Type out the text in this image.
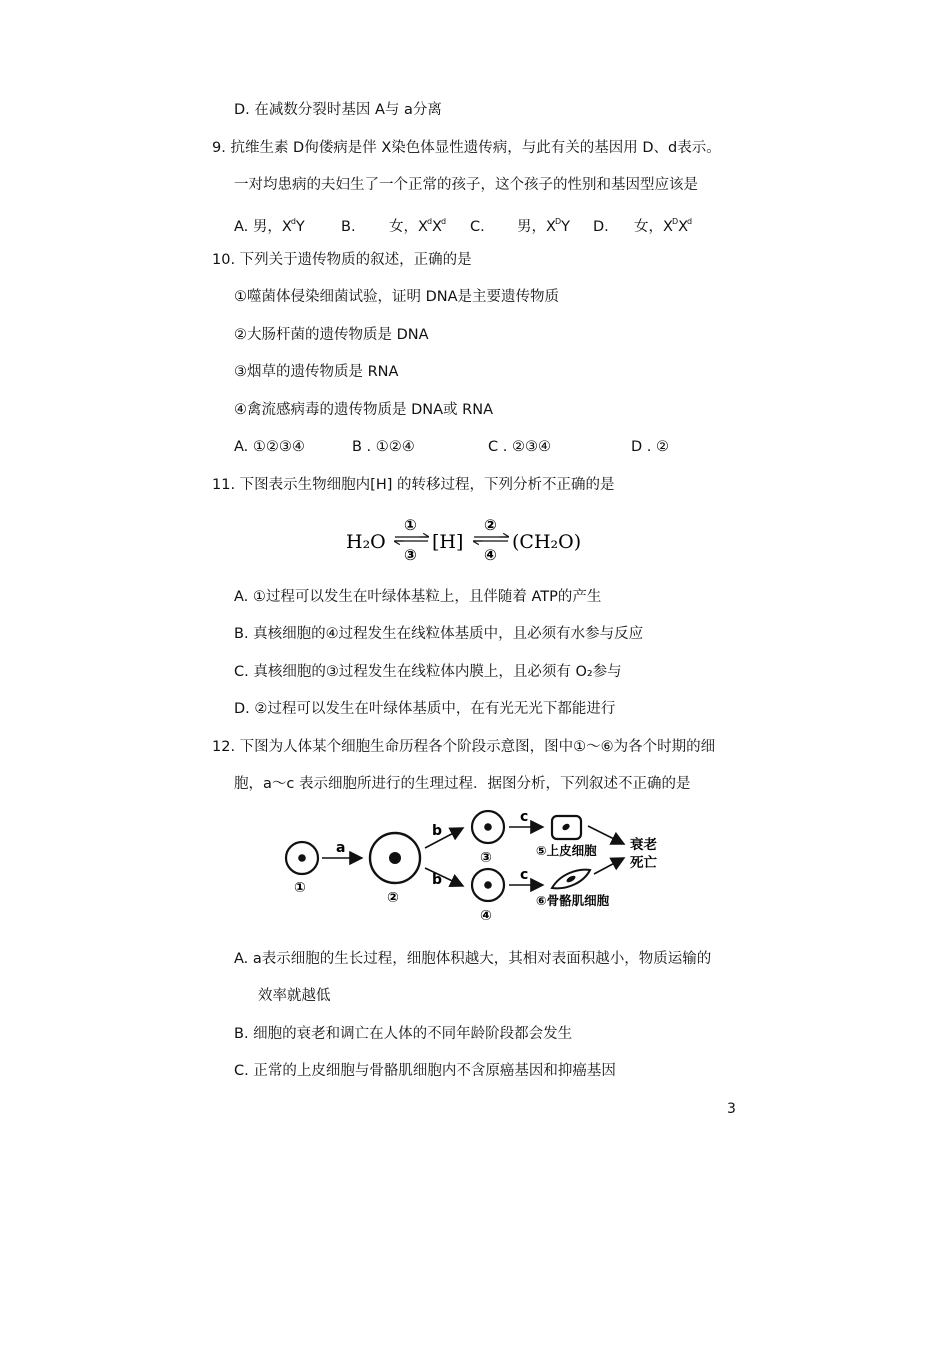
D. 在减数分裂时基因 A与 a分离
9. 抗维生素 D佝偻病是伴 X染色体显性遗传病，与此有关的基因用 D、d表示。
一对均患病的夫妇生了一个正常的孩子，这个孩子的性别和基因型应该是
A. 男，$X^dY$ B. 女，$X^dX^d$ C. 男，$X^DY$ D. 女，$X^DX^d$
10. 下列关于遗传物质的叙述，正确的是
①噬菌体侵染细菌试验，证明 DNA是主要遗传物质
②大肠杆菌的遗传物质是 DNA
③烟草的遗传物质是 RNA
④禽流感病毒的遗传物质是 DNA或 RNA
A. ①②③④	B . ①②④	C . ②③④	D . ②
11. 下图表示生物细胞内[H] 的转移过程，下列分析不正确的是
H₂O
①
③
[H]
②
④
(CH₂O)
A. ①过程可以发生在叶绿体基粒上，且伴随着 ATP的产生
B. 真核细胞的④过程发生在线粒体基质中，且必须有水参与反应
C. 真核细胞的③过程发生在线粒体内膜上，且必须有 O₂参与
D. ②过程可以发生在叶绿体基质中，在有光无光下都能进行
12. 下图为人体某个细胞生命历程各个阶段示意图，图中①～⑥为各个时期的细
胞，a～c 表示细胞所进行的生理过程．据图分析，下列叙述不正确的是
①
a
②
b
b
③
④
c
c
⑤上皮细胞
⑥骨骼肌细胞
衰老
死亡
A. a表示细胞的生长过程，细胞体积越大，其相对表面积越小，物质运输的
效率就越低
B. 细胞的衰老和调亡在人体的不同年龄阶段都会发生
C. 正常的上皮细胞与骨骼肌细胞内不含原癌基因和抑癌基因
3
